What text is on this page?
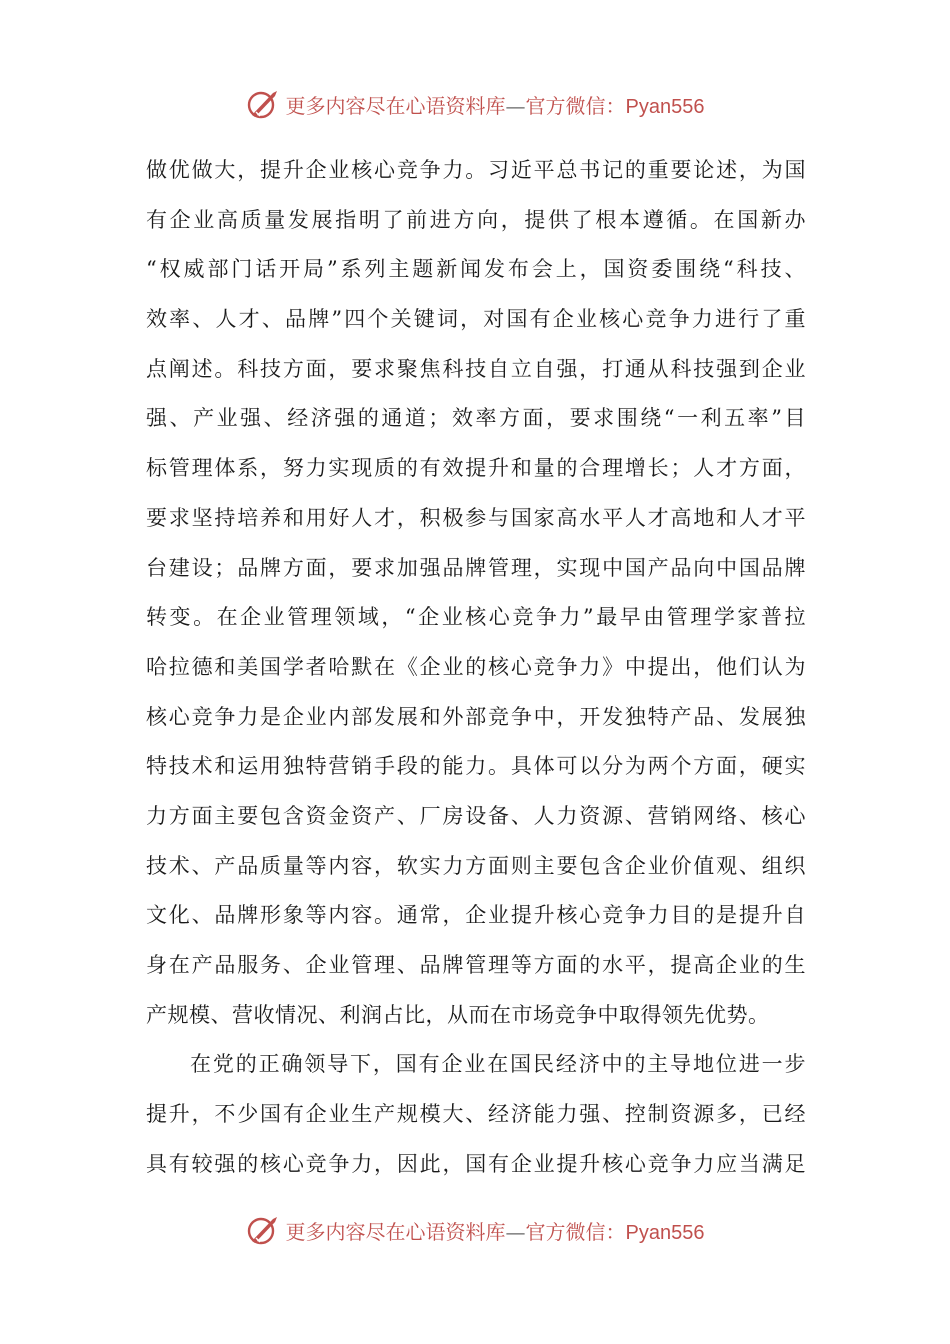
更多内容尽在心语资料库—官方微信：Pyan556
做优做大，提升企业核心竞争力。习近平总书记的重要论述，为国
有企业高质量发展指明了前进方向，提供了根本遵循。在国新办
“权威部门话开局”系列主题新闻发布会上，国资委围绕“科技、
效率、人才、品牌”四个关键词，对国有企业核心竞争力进行了重
点阐述。科技方面，要求聚焦科技自立自强，打通从科技强到企业
强、产业强、经济强的通道；效率方面，要求围绕“一利五率”目
标管理体系，努力实现质的有效提升和量的合理增长；人才方面，
要求坚持培养和用好人才，积极参与国家高水平人才高地和人才平
台建设；品牌方面，要求加强品牌管理，实现中国产品向中国品牌
转变。在企业管理领域，“企业核心竞争力”最早由管理学家普拉
哈拉德和美国学者哈默在《企业的核心竞争力》中提出，他们认为
核心竞争力是企业内部发展和外部竞争中，开发独特产品、发展独
特技术和运用独特营销手段的能力。具体可以分为两个方面，硬实
力方面主要包含资金资产、厂房设备、人力资源、营销网络、核心
技术、产品质量等内容，软实力方面则主要包含企业价值观、组织
文化、品牌形象等内容。通常，企业提升核心竞争力目的是提升自
身在产品服务、企业管理、品牌管理等方面的水平，提高企业的生
产规模、营收情况、利润占比，从而在市场竞争中取得领先优势。
在党的正确领导下，国有企业在国民经济中的主导地位进一步
提升，不少国有企业生产规模大、经济能力强、控制资源多，已经
具有较强的核心竞争力，因此，国有企业提升核心竞争力应当满足
更多内容尽在心语资料库—官方微信：Pyan556
